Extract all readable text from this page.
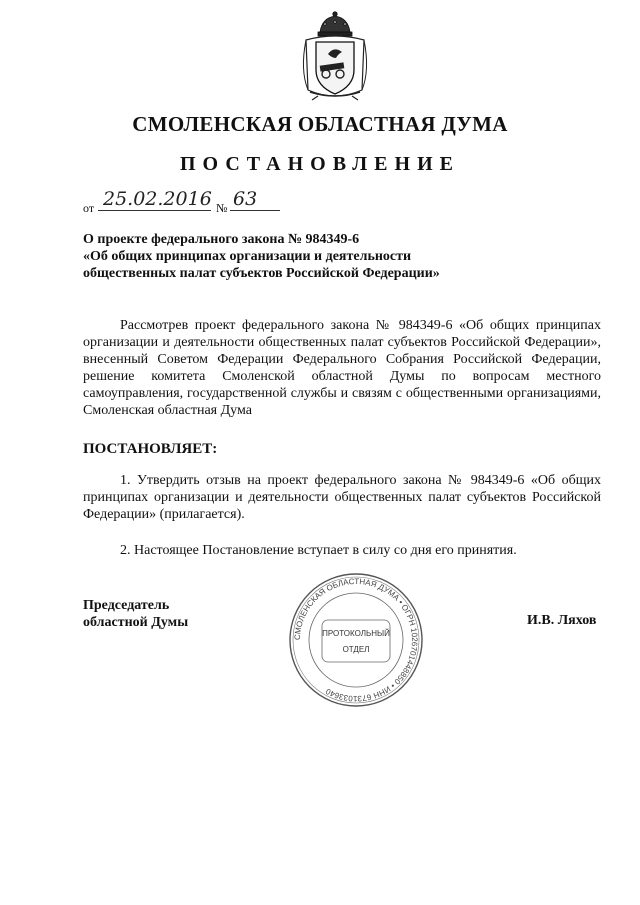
СМОЛЕНСКАЯ ОБЛАСТНАЯ ДУМА
ПОСТАНОВЛЕНИЕ
от 25.02.2016 № 63
О проекте федерального закона № 984349-6
«Об общих принципах организации и деятельности
общественных палат субъектов Российской Федерации»
Рассмотрев проект федерального закона № 984349-6 «Об общих принципах организации и деятельности общественных палат субъектов Российской Федерации», внесенный Советом Федерации Федерального Собрания Российской Федерации, решение комитета Смоленской областной Думы по вопросам местного самоуправления, государственной службы и связям с общественными организациями, Смоленская областная Дума
ПОСТАНОВЛЯЕТ:
1. Утвердить отзыв на проект федерального закона № 984349-6 «Об общих принципах организации и деятельности общественных палат субъектов Российской Федерации» (прилагается).
2. Настоящее Постановление вступает в силу со дня его принятия.
Председатель
областной Думы
СМОЛЕНСКАЯ ОБЛАСТНАЯ ДУМА • ОГРН 1026701448850 • ИНН 6731033640
ПРОТОКОЛЬНЫЙ
ОТДЕЛ
И.В. Ляхов
